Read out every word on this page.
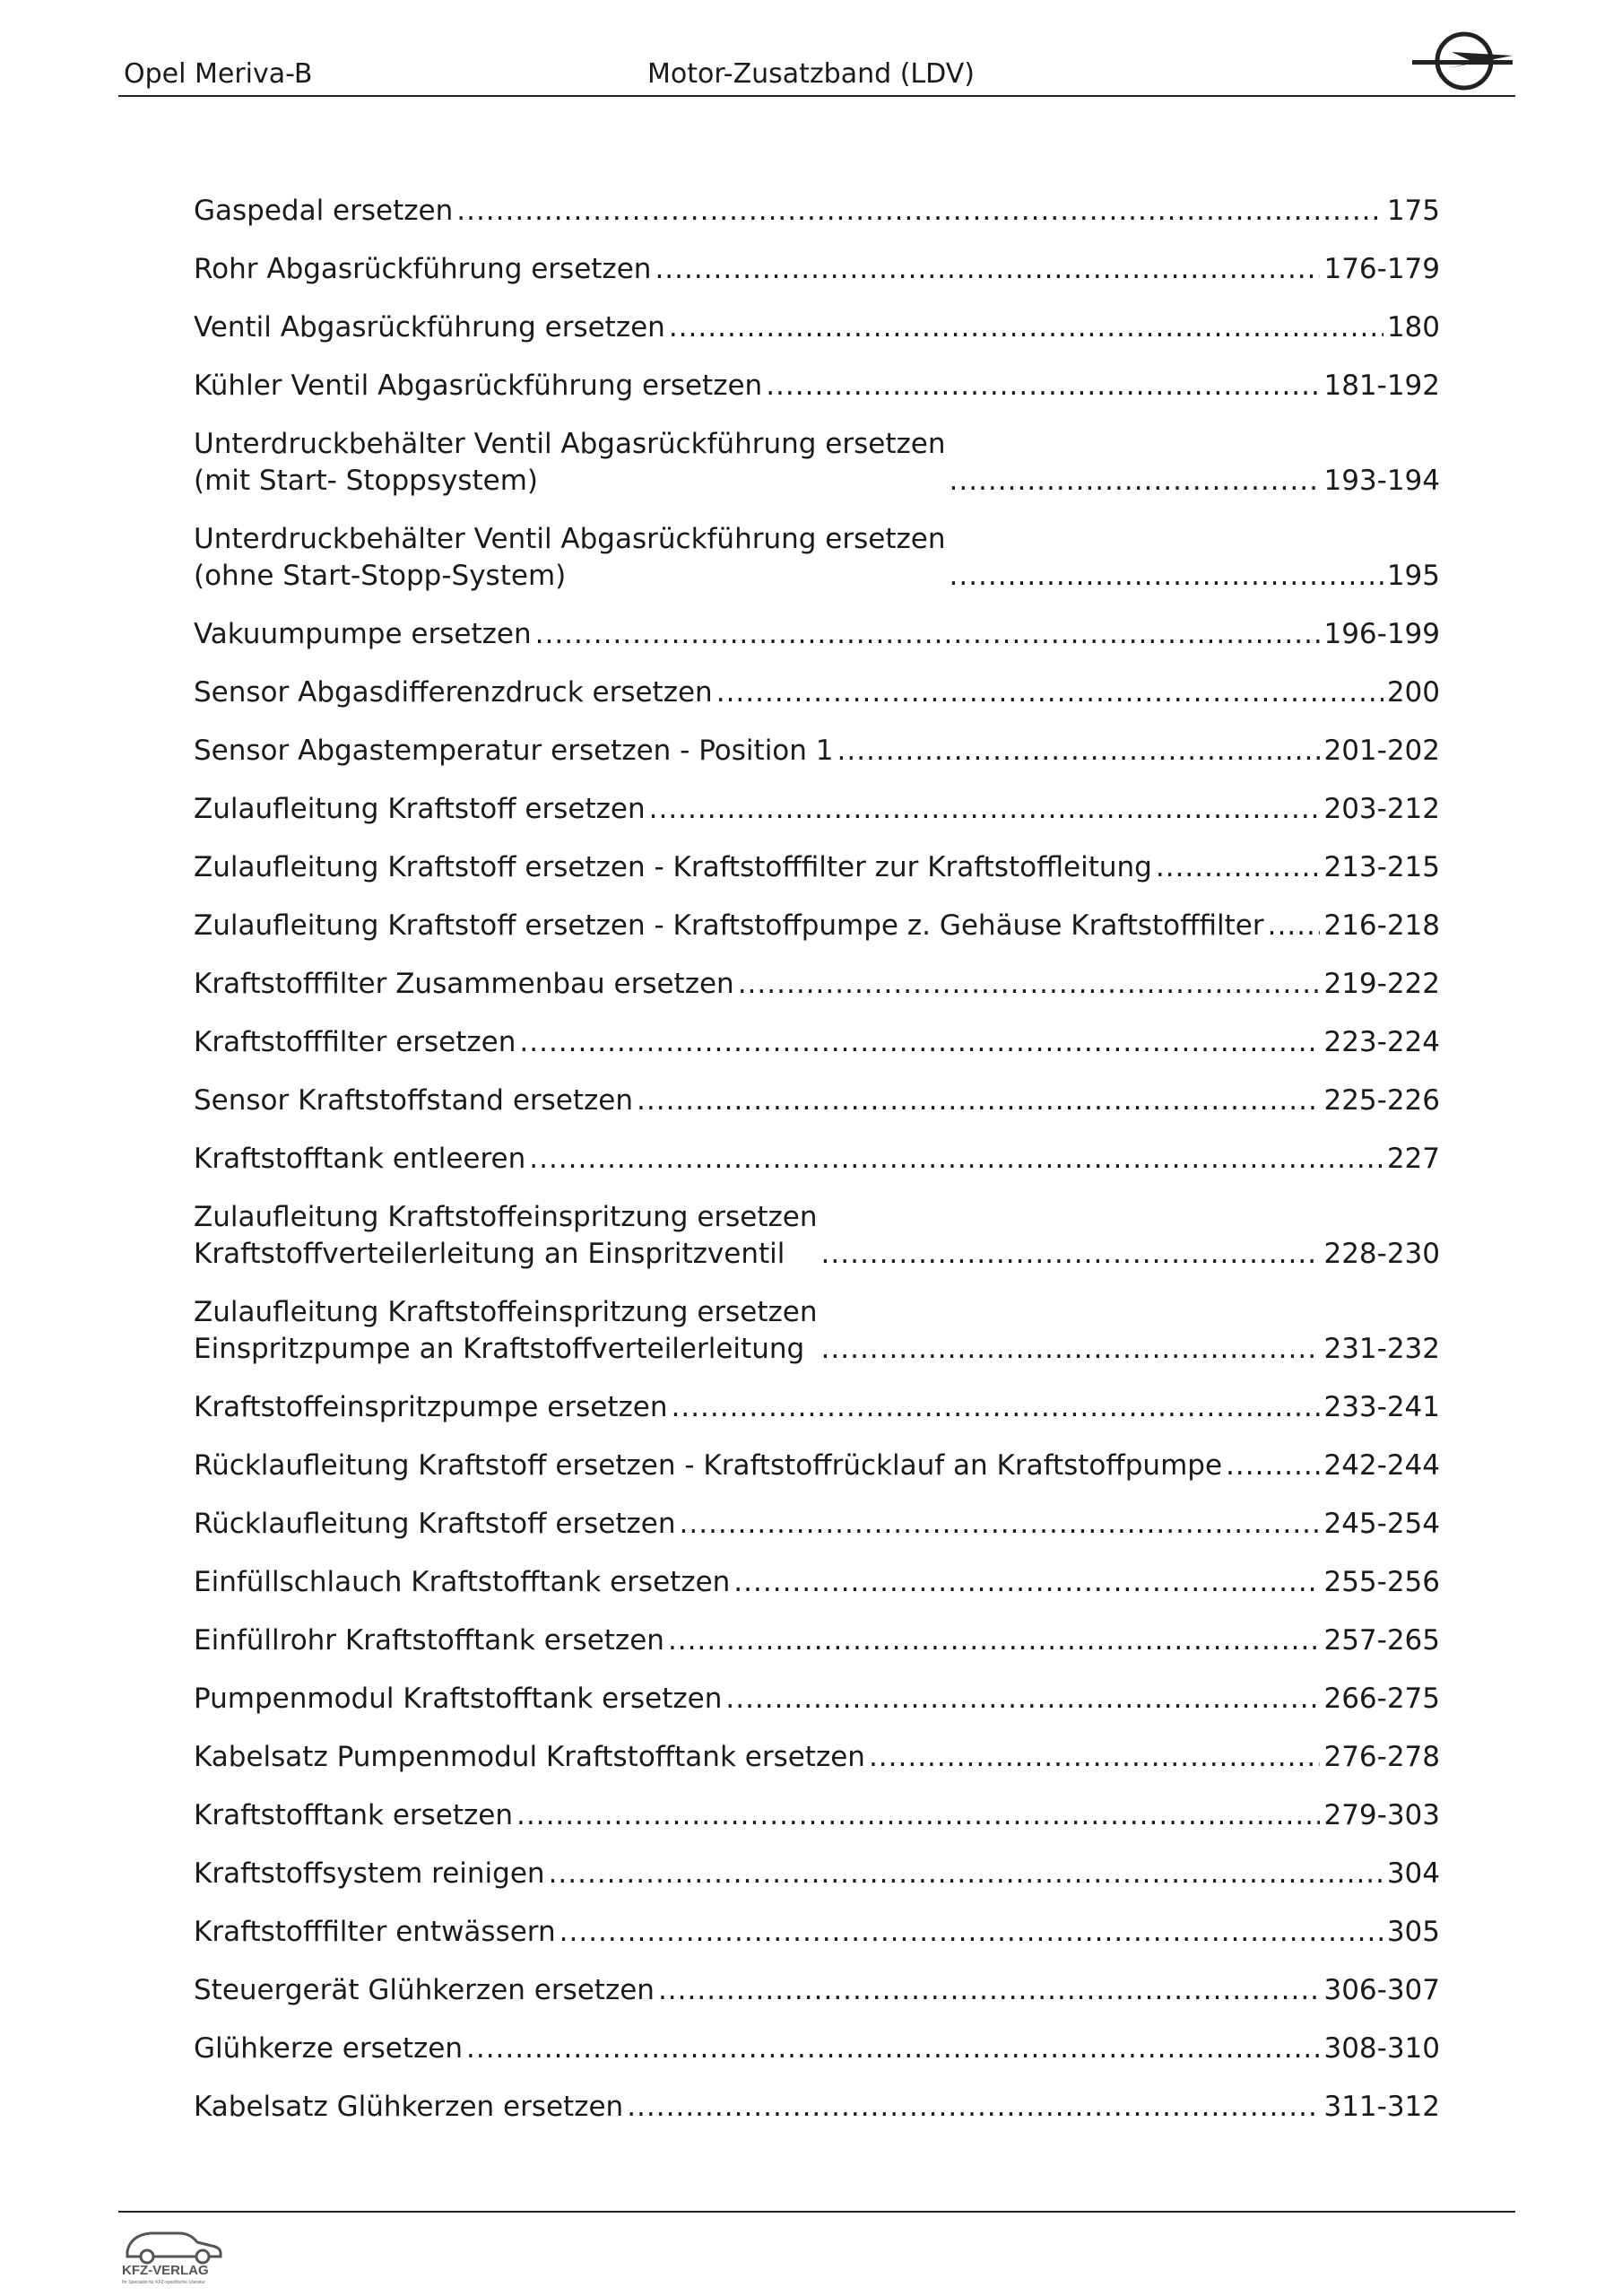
Opel Meriva-B	Motor-Zusatzband (LDV)
Gaspedal ersetzen .....	175
Rohr Abgasrückführung ersetzen .....	176-179
Ventil Abgasrückführung ersetzen .....	180
Kühler Ventil Abgasrückführung ersetzen .....	181-192
Unterdruckbehälter Ventil Abgasrückführung ersetzen
(mit Start- Stoppsystem) .....	193-194
Unterdruckbehälter Ventil Abgasrückführung ersetzen
(ohne Start-Stopp-System) .....	195
Vakuumpumpe ersetzen .....	196-199
Sensor Abgasdifferenzdruck ersetzen .....	200
Sensor Abgastemperatur ersetzen - Position 1 .....	201-202
Zulaufleitung Kraftstoff ersetzen .....	203-212
Zulaufleitung Kraftstoff ersetzen - Kraftstofffilter zur Kraftstoffleitung .....	213-215
Zulaufleitung Kraftstoff ersetzen - Kraftstoffpumpe z. Gehäuse Kraftstofffilter ..... 216-218
Kraftstofffilter Zusammenbau ersetzen .....	219-222
Kraftstofffilter ersetzen .....	223-224
Sensor Kraftstoffstand ersetzen .....	225-226
Kraftstofftank entleeren .....	227
Zulaufleitung Kraftstoffeinspritzung ersetzen
Kraftstoffverteilerleitung an Einspritzventil .....	228-230
Zulaufleitung Kraftstoffeinspritzung ersetzen
Einspritzpumpe an Kraftstoffverteilerleitung .....	231-232
Kraftstoffeinspritzpumpe ersetzen .....	233-241
Rücklaufleitung Kraftstoff ersetzen - Kraftstoffrücklauf an Kraftstoffpumpe .....	242-244
Rücklaufleitung Kraftstoff ersetzen .....	245-254
Einfüllschlauch Kraftstofftank ersetzen .....	255-256
Einfüllrohr Kraftstofftank ersetzen .....	257-265
Pumpenmodul Kraftstofftank ersetzen .....	266-275
Kabelsatz Pumpenmodul Kraftstofftank ersetzen .....	276-278
Kraftstofftank ersetzen .....	279-303
Kraftstoffsystem reinigen .....	304
Kraftstofffilter entwässern .....	305
Steuergerät Glühkerzen ersetzen .....	306-307
Glühkerze ersetzen .....	308-310
Kabelsatz Glühkerzen ersetzen .....	311-312
KFZ-VERLAG
Ihr Spezialist für KFZ-spezifische Literatur
